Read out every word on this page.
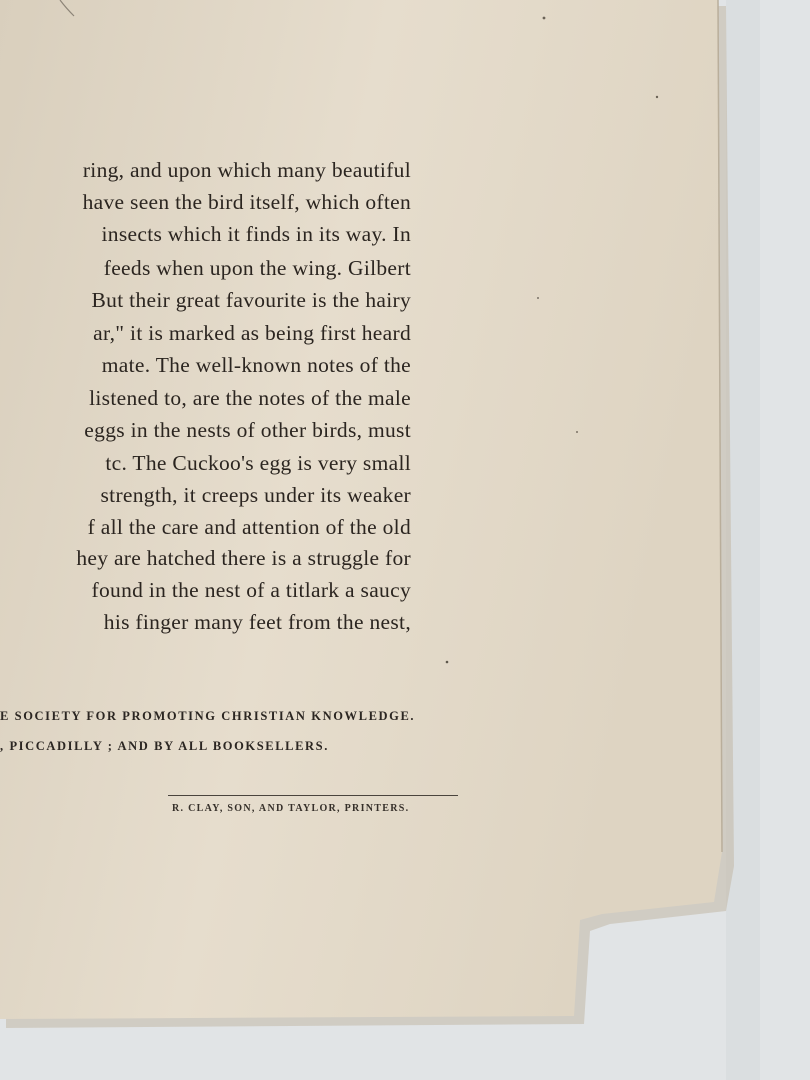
ring, and upon which many beautiful
have seen the bird itself, which often
insects which it finds in its way. In
feeds when upon the wing. Gilbert
But their great favourite is the hairy
ar," it is marked as being first heard
mate. The well-known notes of the
listened to, are the notes of the male
eggs in the nests of other birds, must
tc. The Cuckoo's egg is very small
strength, it creeps under its weaker
f all the care and attention of the old
hey are hatched there is a struggle for
found in the nest of a titlark a saucy
his finger many feet from the nest,
E SOCIETY FOR PROMOTING CHRISTIAN KNOWLEDGE.
, PICCADILLY ; AND BY ALL BOOKSELLERS.
R. CLAY, SON, AND TAYLOR, PRINTERS.
